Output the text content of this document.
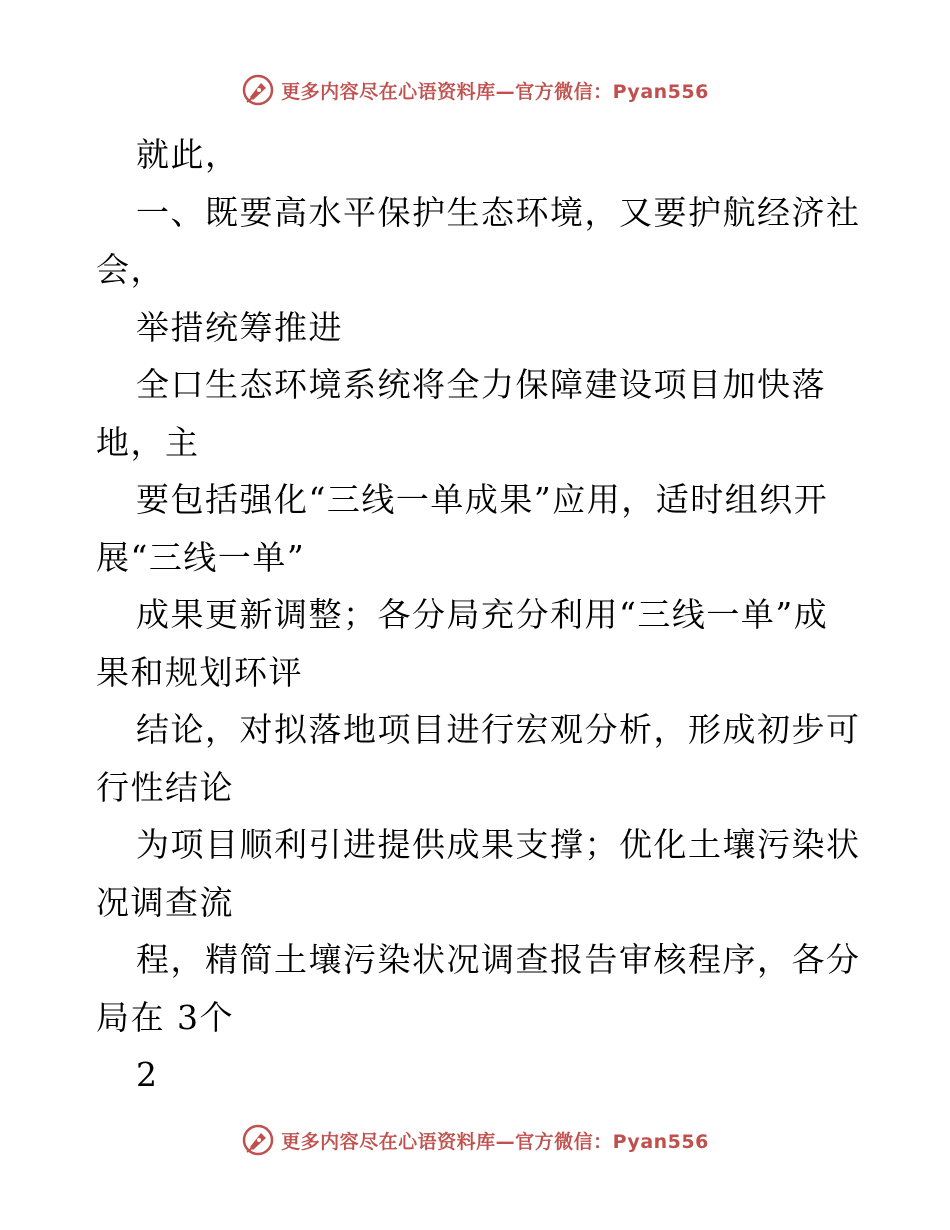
更多内容尽在心语资料库—官方微信：Pyan556
就此，
一、既要高水平保护生态环境，又要护航经济社
会，
举措统筹推进
全口生态环境系统将全力保障建设项目加快落
地，主
要包括强化“三线一单成果”应用，适时组织开
展“三线一单”
成果更新调整；各分局充分利用“三线一单”成
果和规划环评
结论，对拟落地项目进行宏观分析，形成初步可
行性结论
为项目顺利引进提供成果支撑；优化土壤污染状
况调查流
程，精简土壤污染状况调查报告审核程序，各分
局在 3个
2
更多内容尽在心语资料库—官方微信：Pyan556
